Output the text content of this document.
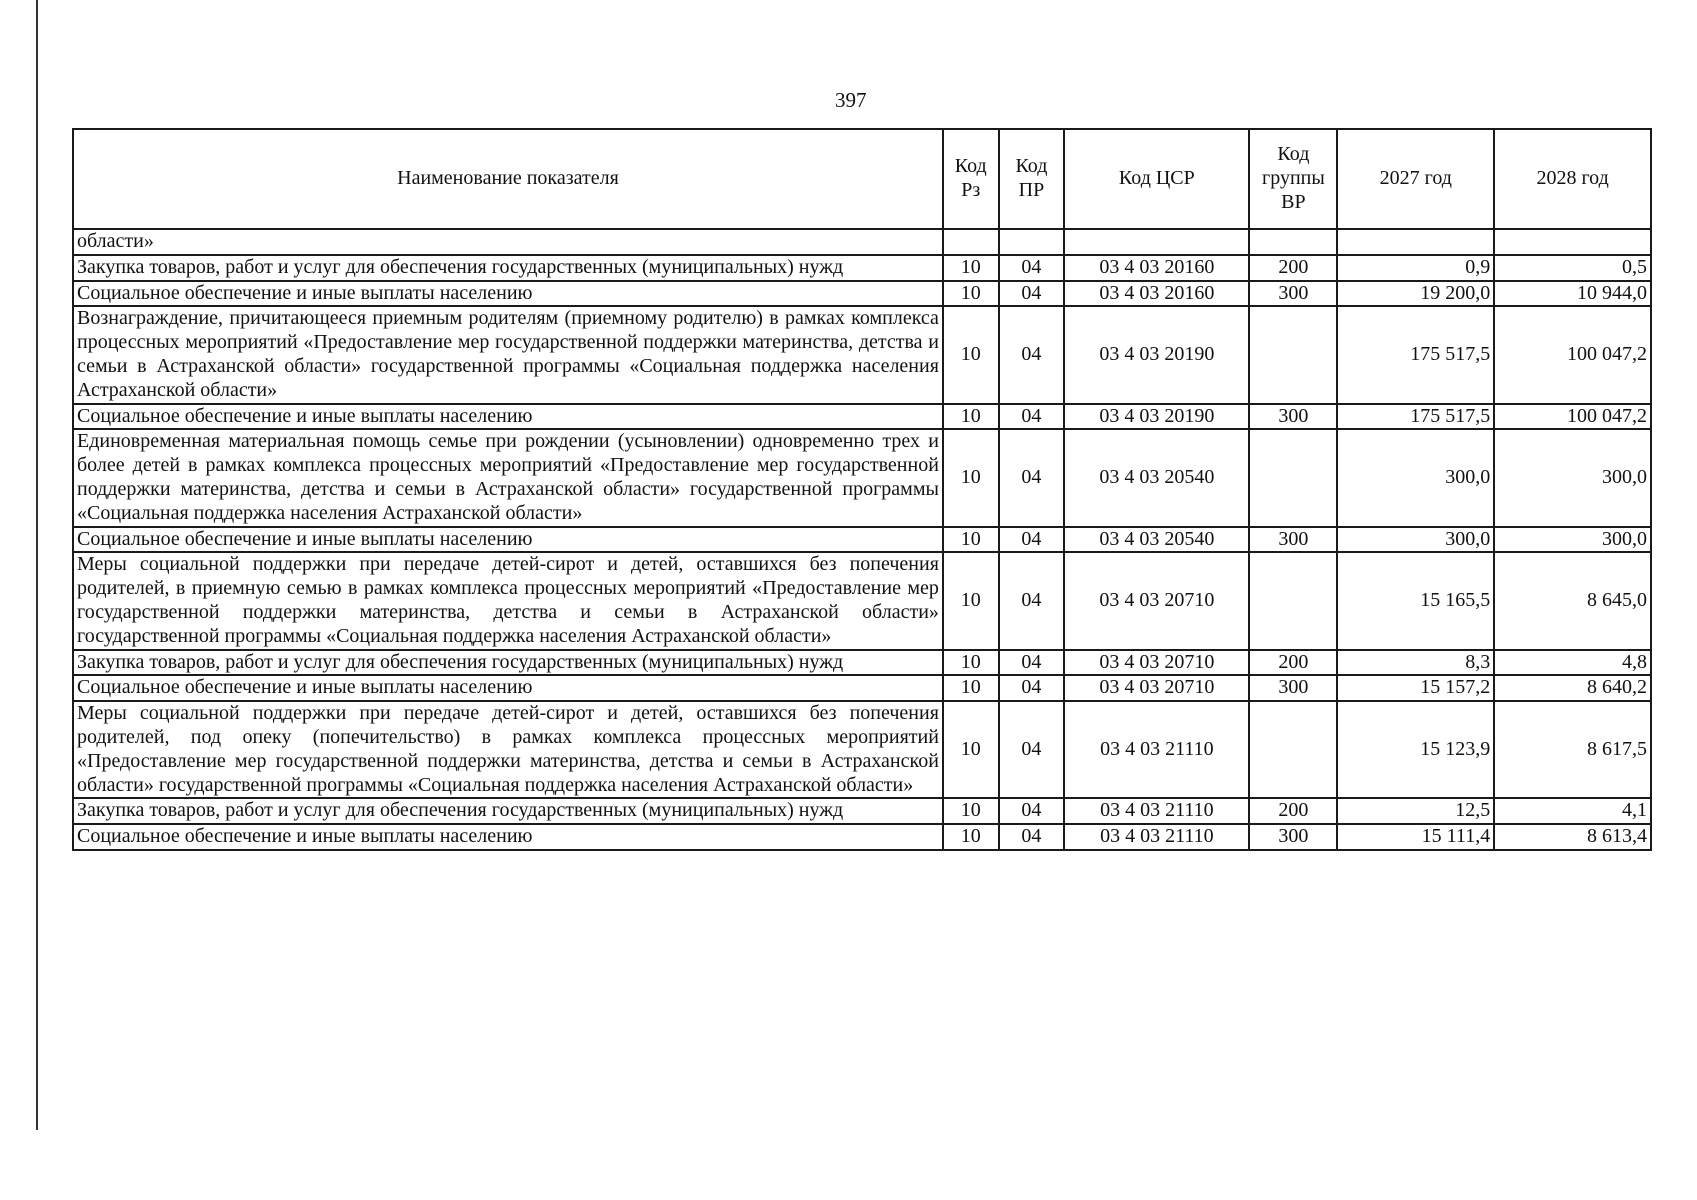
397
Наименование показателя	Код Рз	Код ПР	Код ЦСР	Код группы ВР	2027 год	2028 год
области»						
Закупка товаров, работ и услуг для обеспечения государственных (муниципальных) нужд	10	04	03 4 03 20160	200	0,9	0,5
Социальное обеспечение и иные выплаты населению	10	04	03 4 03 20160	300	19 200,0	10 944,0
Вознаграждение, причитающееся приемным родителям (приемному родителю) в рамках комплекса процессных мероприятий «Предоставление мер государственной поддержки материнства, детства и семьи в Астраханской области» государственной программы «Социальная поддержка населения Астраханской области»	10	04	03 4 03 20190		175 517,5	100 047,2
Социальное обеспечение и иные выплаты населению	10	04	03 4 03 20190	300	175 517,5	100 047,2
Единовременная материальная помощь семье при рождении (усыновлении) одновременно трех и более детей в рамках комплекса процессных мероприятий «Предоставление мер государственной поддержки материнства, детства и семьи в Астраханской области» государственной программы «Социальная поддержка населения Астраханской области»	10	04	03 4 03 20540		300,0	300,0
Социальное обеспечение и иные выплаты населению	10	04	03 4 03 20540	300	300,0	300,0
Меры социальной поддержки при передаче детей-сирот и детей, оставшихся без попечения родителей, в приемную семью в рамках комплекса процессных мероприятий «Предоставление мер государственной поддержки материнства, детства и семьи в Астраханской области» государственной программы «Социальная поддержка населения Астраханской области»	10	04	03 4 03 20710		15 165,5	8 645,0
Закупка товаров, работ и услуг для обеспечения государственных (муниципальных) нужд	10	04	03 4 03 20710	200	8,3	4,8
Социальное обеспечение и иные выплаты населению	10	04	03 4 03 20710	300	15 157,2	8 640,2
Меры социальной поддержки при передаче детей-сирот и детей, оставшихся без попечения родителей, под опеку (попечительство) в рамках комплекса процессных мероприятий «Предоставление мер государственной поддержки материнства, детства и семьи в Астраханской области» государственной программы «Социальная поддержка населения Астраханской области»	10	04	03 4 03 21110		15 123,9	8 617,5
Закупка товаров, работ и услуг для обеспечения государственных (муниципальных) нужд	10	04	03 4 03 21110	200	12,5	4,1
Социальное обеспечение и иные выплаты населению	10	04	03 4 03 21110	300	15 111,4	8 613,4
